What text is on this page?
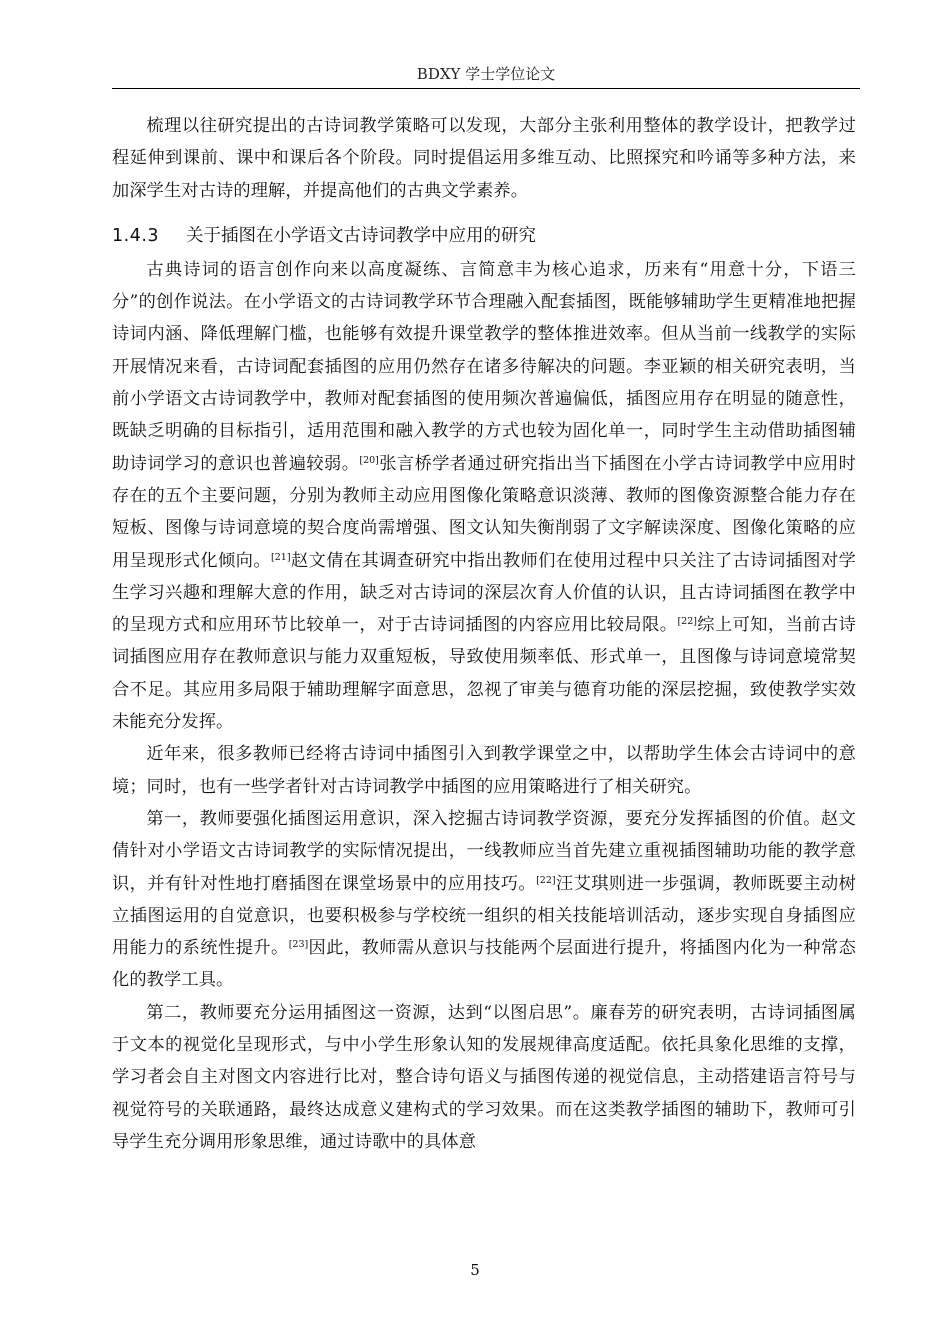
BDXY 学士学位论文

梳理以往研究提出的古诗词教学策略可以发现，大部分主张利用整体的教学设计，把教学过程延伸到课前、课中和课后各个阶段。同时提倡运用多维互动、比照探究和吟诵等多种方法，来加深学生对古诗的理解，并提高他们的古典文学素养。

1.4.3 关于插图在小学语文古诗词教学中应用的研究

古典诗词的语言创作向来以高度凝练、言简意丰为核心追求，历来有“用意十分，下语三分”的创作说法。在小学语文的古诗词教学环节合理融入配套插图，既能够辅助学生更精准地把握诗词内涵、降低理解门槛，也能够有效提升课堂教学的整体推进效率。但从当前一线教学的实际开展情况来看，古诗词配套插图的应用仍然存在诸多待解决的问题。李亚颖的相关研究表明，当前小学语文古诗词教学中，教师对配套插图的使用频次普遍偏低，插图应用存在明显的随意性，既缺乏明确的目标指引，适用范围和融入教学的方式也较为固化单一，同时学生主动借助插图辅助诗词学习的意识也普遍较弱。[20]张言桥学者通过研究指出当下插图在小学古诗词教学中应用时存在的五个主要问题，分别为教师主动应用图像化策略意识淡薄、教师的图像资源整合能力存在短板、图像与诗词意境的契合度尚需增强、图文认知失衡削弱了文字解读深度、图像化策略的应用呈现形式化倾向。[21]赵文倩在其调查研究中指出教师们在使用过程中只关注了古诗词插图对学生学习兴趣和理解大意的作用，缺乏对古诗词的深层次育人价值的认识，且古诗词插图在教学中的呈现方式和应用环节比较单一，对于古诗词插图的内容应用比较局限。[22]综上可知，当前古诗词插图应用存在教师意识与能力双重短板，导致使用频率低、形式单一，且图像与诗词意境常契合不足。其应用多局限于辅助理解字面意思，忽视了审美与德育功能的深层挖掘，致使教学实效未能充分发挥。

近年来，很多教师已经将古诗词中插图引入到教学课堂之中，以帮助学生体会古诗词中的意境；同时，也有一些学者针对古诗词教学中插图的应用策略进行了相关研究。

第一，教师要强化插图运用意识，深入挖掘古诗词教学资源，要充分发挥插图的价值。赵文倩针对小学语文古诗词教学的实际情况提出，一线教师应当首先建立重视插图辅助功能的教学意识，并有针对性地打磨插图在课堂场景中的应用技巧。[22]汪艾琪则进一步强调，教师既要主动树立插图运用的自觉意识，也要积极参与学校统一组织的相关技能培训活动，逐步实现自身插图应用能力的系统性提升。[23]因此，教师需从意识与技能两个层面进行提升，将插图内化为一种常态化的教学工具。

第二，教师要充分运用插图这一资源，达到“以图启思”。廉春芳的研究表明，古诗词插图属于文本的视觉化呈现形式，与中小学生形象认知的发展规律高度适配。依托具象化思维的支撑，学习者会自主对图文内容进行比对，整合诗句语义与插图传递的视觉信息，主动搭建语言符号与视觉符号的关联通路，最终达成意义建构式的学习效果。而在这类教学插图的辅助下，教师可引导学生充分调用形象思维，通过诗歌中的具体意

5
